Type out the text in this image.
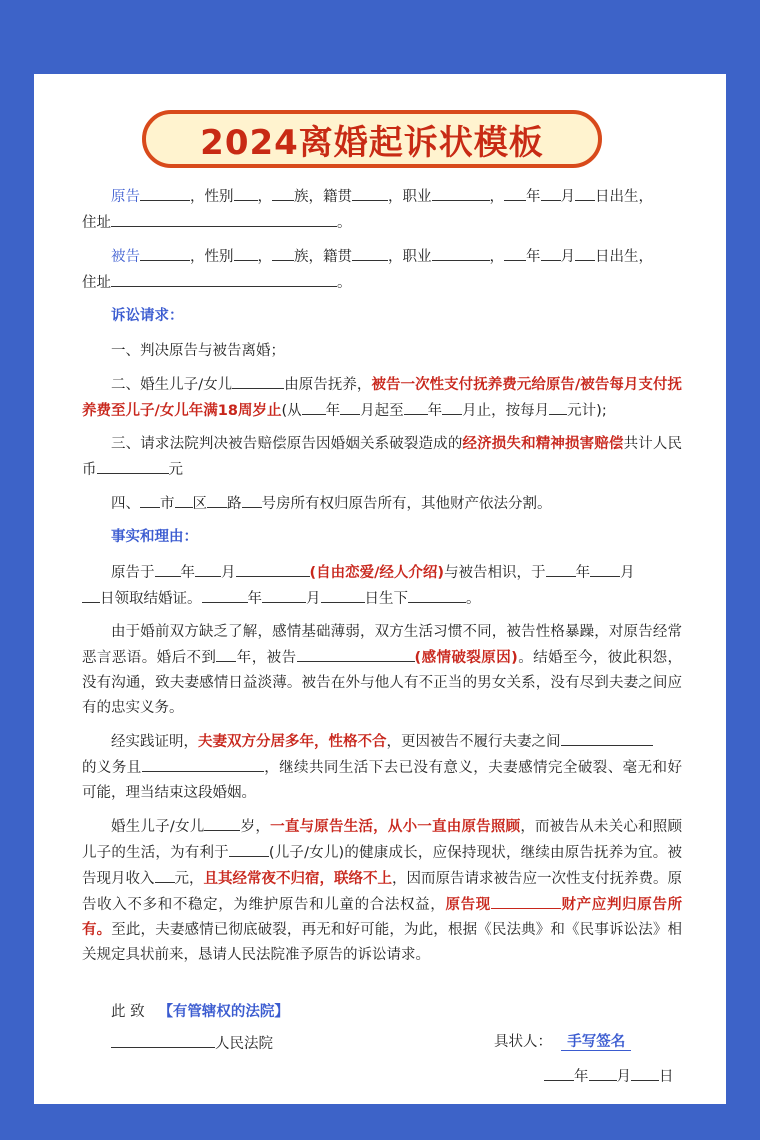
2024离婚起诉状模板

原告	，性别 ， 族，籍贯 ，职业	， 年 月 日出生，
住址	。

被告	，性别 ， 族，籍贯 ，职业	， 年 月 日出生，
住址	。

诉讼请求：

一、判决原告与被告离婚；

二、婚生儿子/女儿	由原告抚养，被告一次性支付抚养费元给原告/被告每月支付抚养费至儿子/女儿年满18周岁止(从 年 月起至 年 月止，按每月 元计);

三、请求法院判决被告赔偿原告因婚姻关系破裂造成的经济损失和精神损害赔偿共计人民币	元

四、 市 区 路 号房所有权归原告所有，其他财产依法分割。

事实和理由：

原告于 年 月	(自由恋爱/经人介绍)与被告相识，于 年 月
日领取结婚证。	年	月	日生下	。

由于婚前双方缺乏了解，感情基础薄弱，双方生活习惯不同，被告性格暴躁，对原告经常恶言恶语。婚后不到 年，被告	(感情破裂原因)。结婚至今，彼此积怨，没有沟通，致夫妻感情日益淡薄。被告在外与他人有不正当的男女关系，没有尽到夫妻之间应有的忠实义务。

经实践证明，夫妻双方分居多年，性格不合，更因被告不履行夫妻之间
的义务且	，继续共同生活下去已没有意义，夫妻感情完全破裂、毫无和好可能，理当结束这段婚姻。

婚生儿子/女儿 岁，一直与原告生活，从小一直由原告照顾，而被告从未关心和照顾儿子的生活，为有利于	(儿子/女儿)的健康成长，应保持现状，继续由原告抚养为宜。被告现月收入 元，且其经常夜不归宿，联络不上，因而原告请求被告应一次性支付抚养费。原告收入不多和不稳定，为维护原告和儿童的合法权益，原告现	财产应判归原告所有。至此，夫妻感情已彻底破裂，再无和好可能，为此，根据《民法典》和《民事诉讼法》相关规定具状前来，恳请人民法院准予原告的诉讼请求。

此 致 【有管辖权的法院】
人民法院	具状人： 手写签名
年 月 日
